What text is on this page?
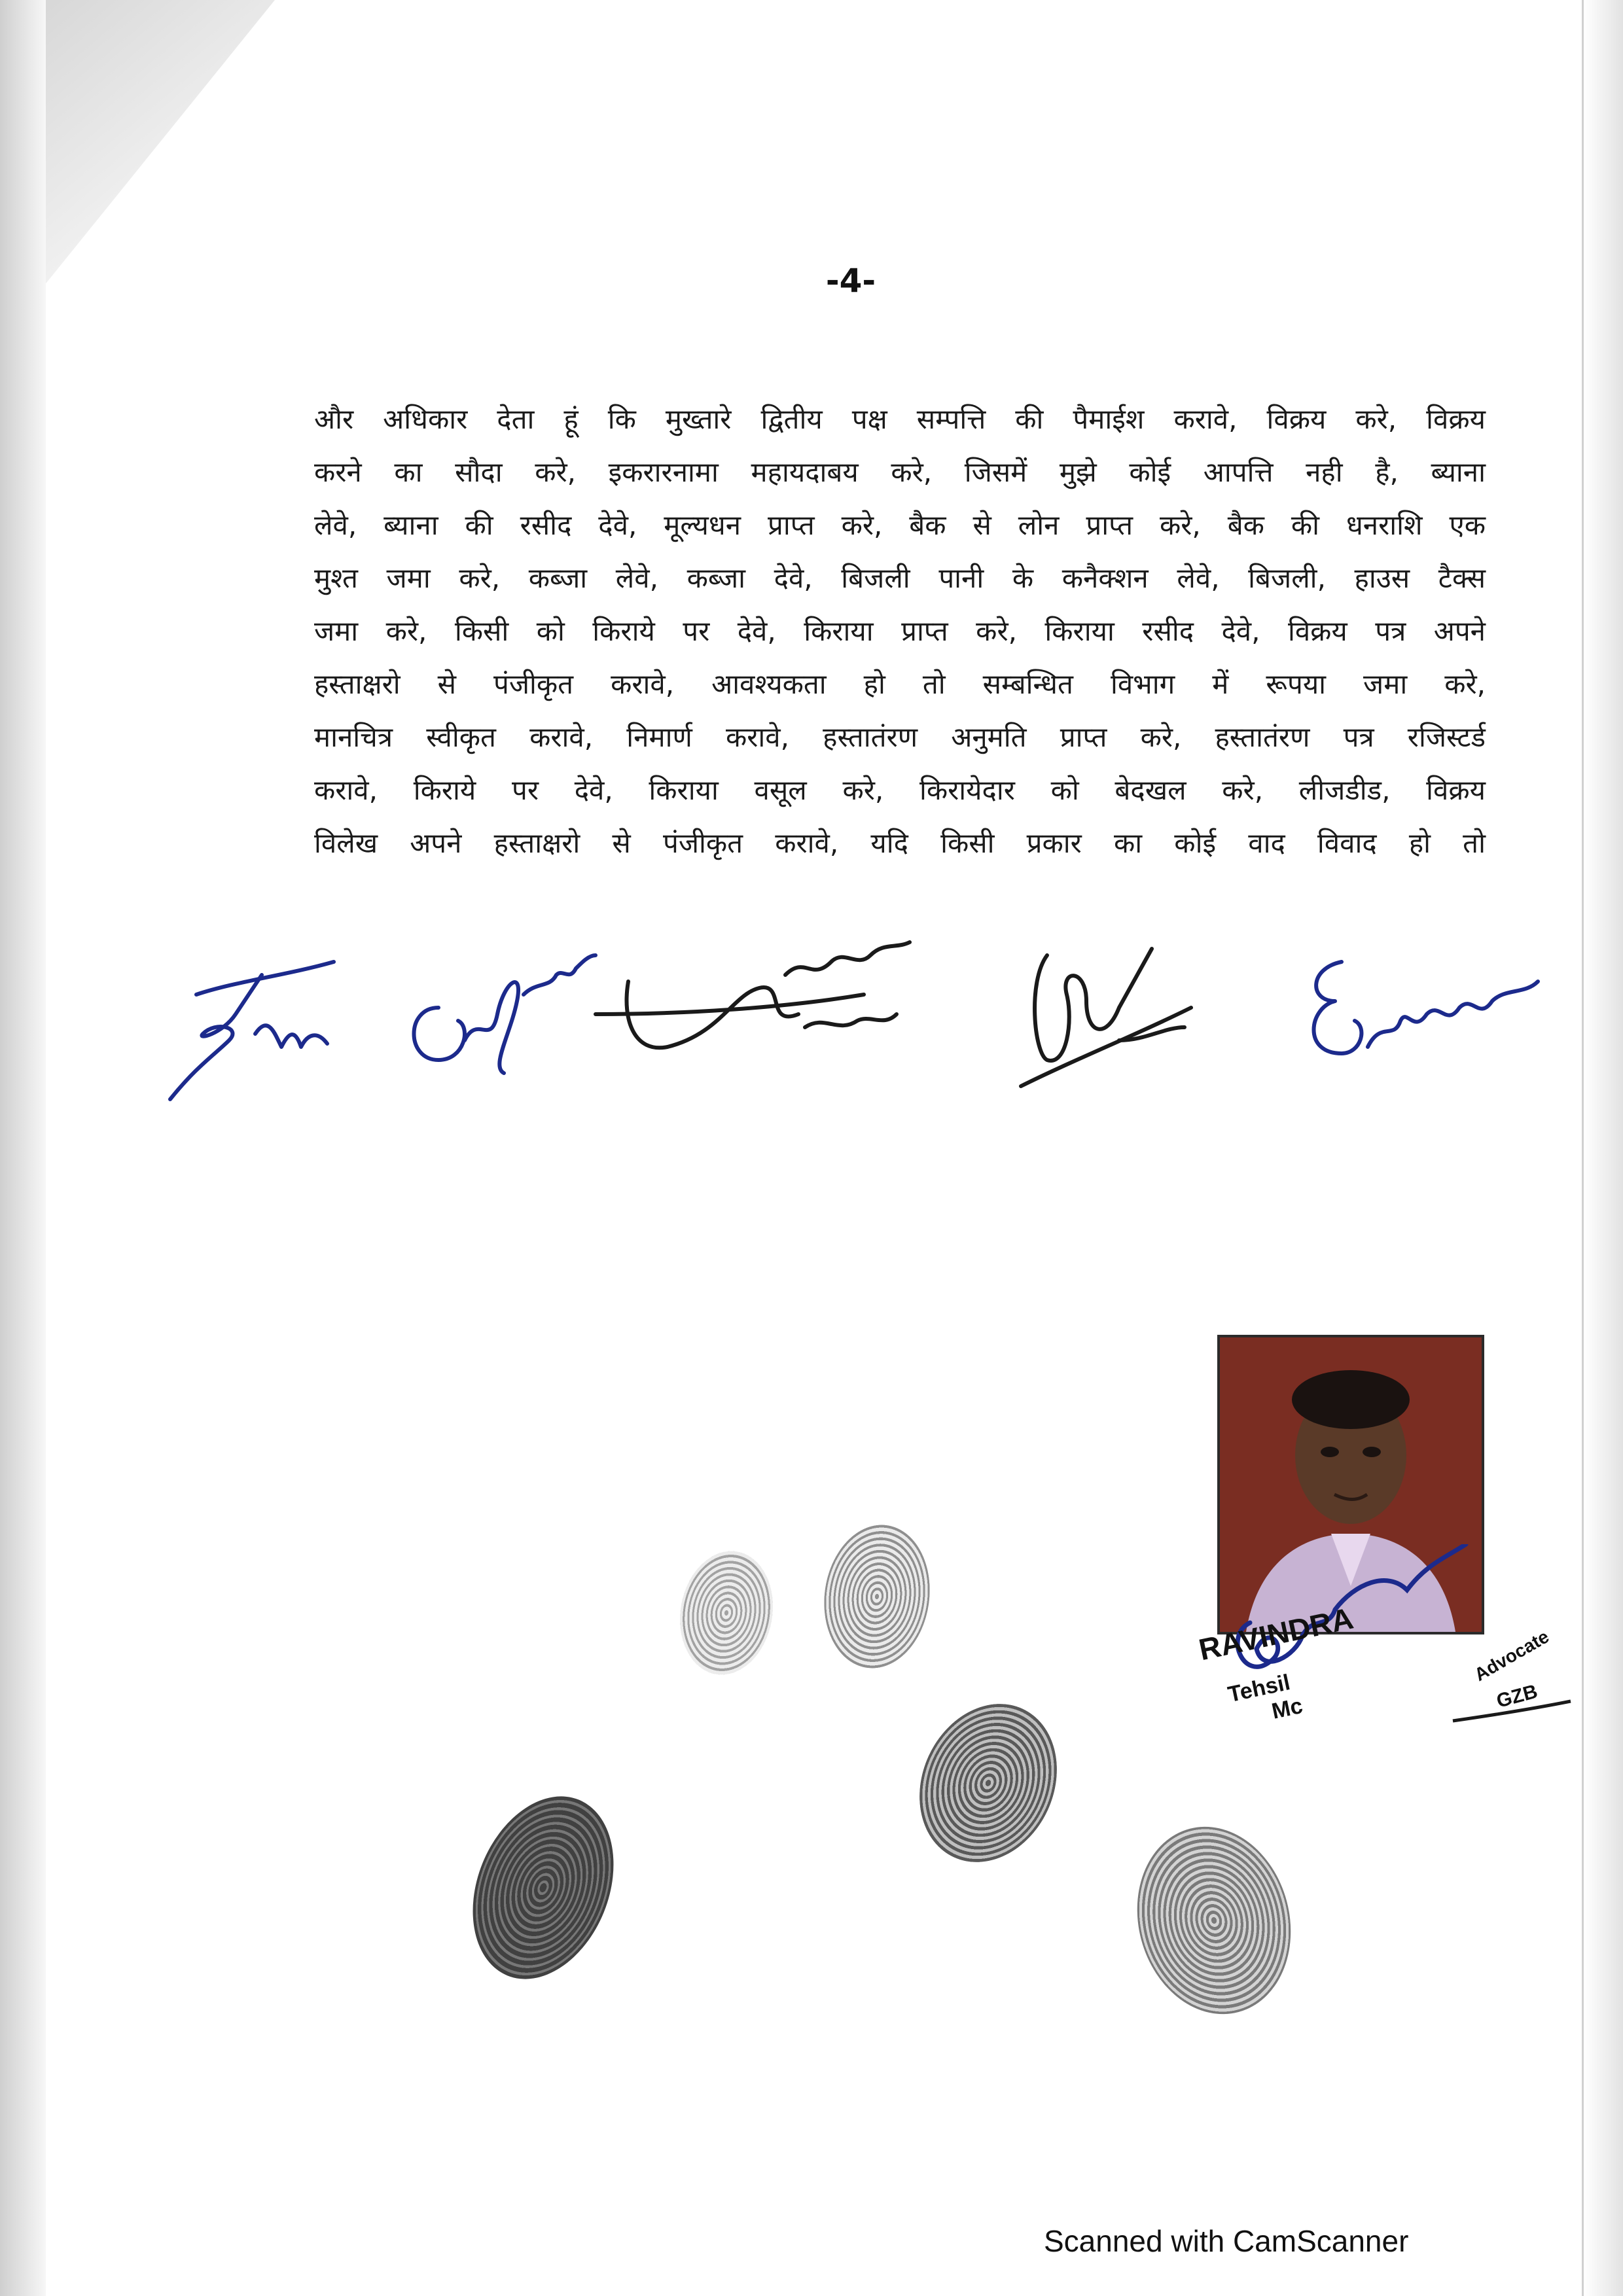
-4-
और अधिकार देता हूं कि मुख्तारे द्वितीय पक्ष सम्पत्ति की पैमाईश करावे, विक्रय करे, विक्रय
करने का सौदा करे, इकरारनामा महायदाबय करे, जिसमें मुझे कोई आपत्ति नही है, ब्याना
लेवे, ब्याना की रसीद देवे, मूल्यधन प्राप्त करे, बैक से लोन प्राप्त करे, बैक की धनराशि एक
मुश्त जमा करे, कब्जा लेवे, कब्जा देवे, बिजली पानी के कनैक्शन लेवे, बिजली, हाउस टैक्स
जमा करे, किसी को किराये पर देवे, किराया प्राप्त करे, किराया रसीद देवे, विक्रय पत्र अपने
हस्ताक्षरो से पंजीकृत करावे, आवश्यकता हो तो सम्बन्धित विभाग में रूपया जमा करे,
मानचित्र स्वीकृत करावे, निमार्ण करावे, हस्तातंरण अनुमति प्राप्त करे, हस्तातंरण पत्र रजिस्टर्ड
करावे, किराये पर देवे, किराया वसूल करे, किरायेदार को बेदखल करे, लीजडीड, विक्रय
विलेख अपने हस्ताक्षरो से पंजीकृत करावे, यदि किसी प्रकार का कोई वाद विवाद हो तो
Advocate
GZB
RAVINDRA
Tehsil
Mc
Scanned with CamScanner
